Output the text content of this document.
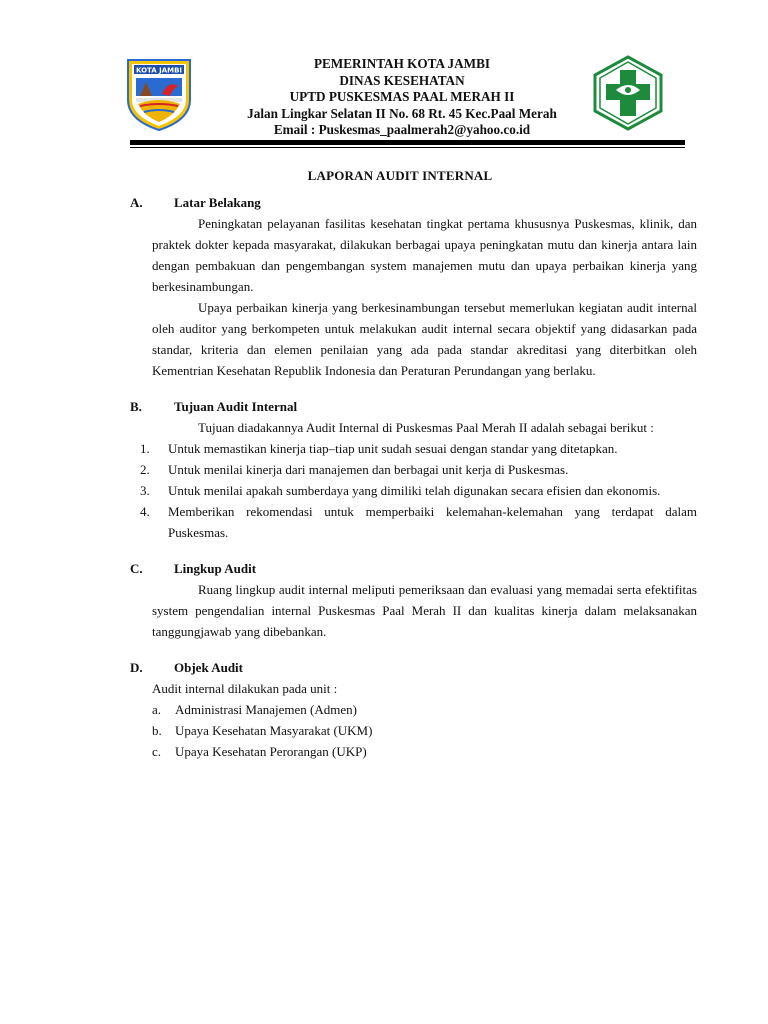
KOTA JAMBI	PEMERINTAH KOTA JAMBI
DINAS KESEHATAN
UPTD PUSKESMAS PAAL MERAH II
Jalan Lingkar Selatan II No. 68 Rt. 45 Kec.Paal Merah
Email : Puskesmas_paalmerah2@yahoo.co.id
LAPORAN AUDIT INTERNAL
A.	Latar Belakang

Peningkatan pelayanan fasilitas kesehatan tingkat pertama khususnya Puskesmas, klinik, dan praktek dokter kepada masyarakat, dilakukan berbagai upaya peningkatan mutu dan kinerja antara lain dengan pembakuan dan pengembangan system manajemen mutu dan upaya perbaikan kinerja yang berkesinambungan.

Upaya perbaikan kinerja yang berkesinambungan tersebut memerlukan kegiatan audit internal oleh auditor yang berkompeten untuk melakukan audit internal secara objektif yang didasarkan pada standar, kriteria dan elemen penilaian yang ada pada standar akreditasi yang diterbitkan oleh Kementrian Kesehatan Republik Indonesia dan Peraturan Perundangan yang berlaku.

B.	Tujuan Audit Internal

Tujuan diadakannya Audit Internal di Puskesmas Paal Merah II adalah sebagai berikut :

1.	Untuk memastikan kinerja tiap–tiap unit sudah sesuai dengan standar yang ditetapkan.
2.	Untuk menilai kinerja dari manajemen dan berbagai unit kerja di Puskesmas.
3.	Untuk menilai apakah sumberdaya yang dimiliki telah digunakan secara efisien dan ekonomis.
4.	Memberikan rekomendasi untuk memperbaiki kelemahan-kelemahan yang terdapat dalam Puskesmas.
C.	Lingkup Audit

Ruang lingkup audit internal meliputi pemeriksaan dan evaluasi yang memadai serta efektifitas system pengendalian internal Puskesmas Paal Merah II dan kualitas kinerja dalam melaksanakan tanggungjawab yang dibebankan.

D.	Objek Audit
Audit internal dilakukan pada unit :
a.	Administrasi Manajemen (Admen)
b.	Upaya Kesehatan Masyarakat (UKM)
c.	Upaya Kesehatan Perorangan (UKP)
